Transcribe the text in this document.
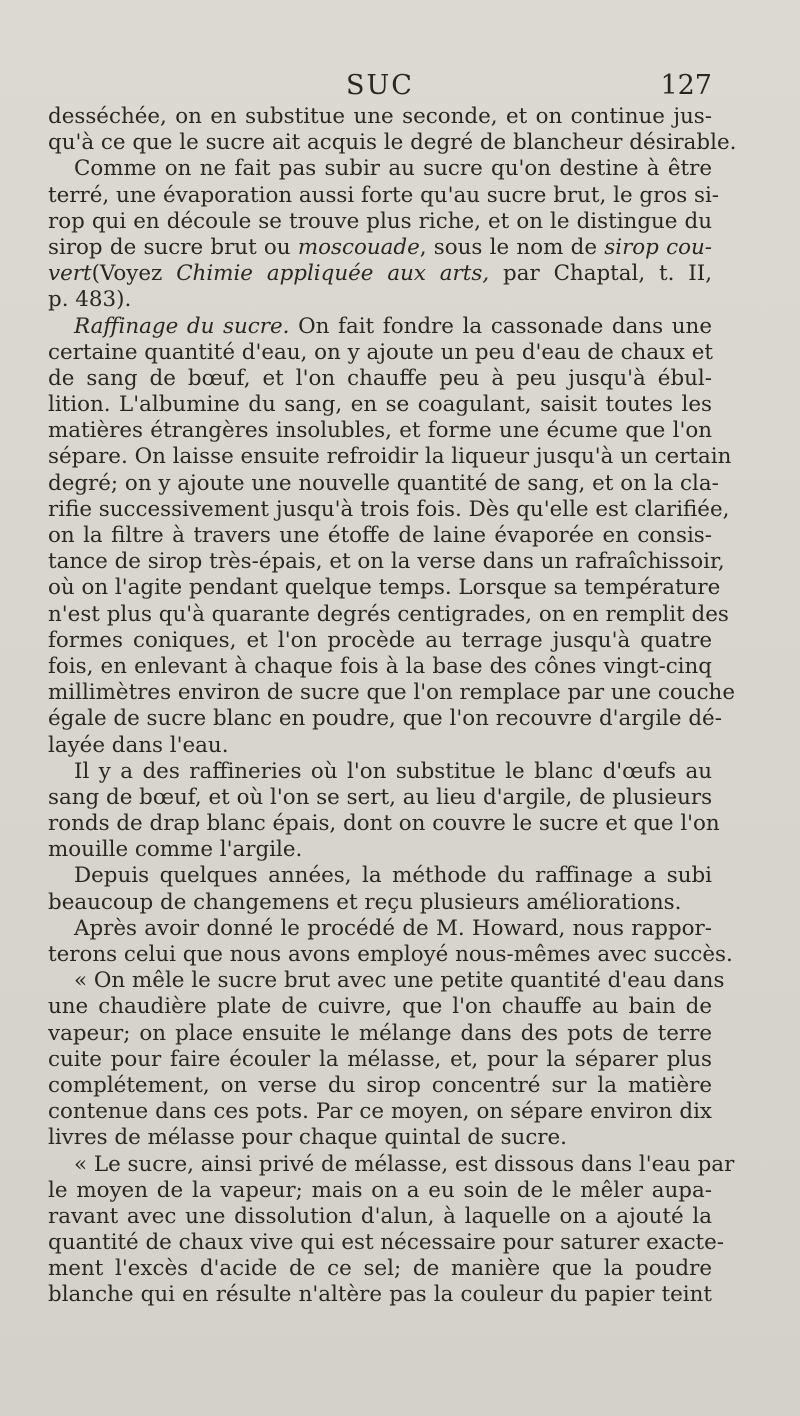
SUC	127
desséchée, on en substitue une seconde, et on continue jus-
qu'à ce que le sucre ait acquis le degré de blancheur désirable.
Comme on ne fait pas subir au sucre qu'on destine à être
terré, une évaporation aussi forte qu'au sucre brut, le gros si-
rop qui en découle se trouve plus riche, et on le distingue du
sirop de sucre brut ou moscouade, sous le nom de sirop cou-
vert(Voyez Chimie appliquée aux arts, par Chaptal, t. II,
p. 483).
Raffinage du sucre. On fait fondre la cassonade dans une
certaine quantité d'eau, on y ajoute un peu d'eau de chaux et
de sang de bœuf, et l'on chauffe peu à peu jusqu'à ébul-
lition. L'albumine du sang, en se coagulant, saisit toutes les
matières étrangères insolubles, et forme une écume que l'on
sépare. On laisse ensuite refroidir la liqueur jusqu'à un certain
degré; on y ajoute une nouvelle quantité de sang, et on la cla-
rifie successivement jusqu'à trois fois. Dès qu'elle est clarifiée,
on la filtre à travers une étoffe de laine évaporée en consis-
tance de sirop très-épais, et on la verse dans un rafraîchissoir,
où on l'agite pendant quelque temps. Lorsque sa température
n'est plus qu'à quarante degrés centigrades, on en remplit des
formes coniques, et l'on procède au terrage jusqu'à quatre
fois, en enlevant à chaque fois à la base des cônes vingt-cinq
millimètres environ de sucre que l'on remplace par une couche
égale de sucre blanc en poudre, que l'on recouvre d'argile dé-
layée dans l'eau.
Il y a des raffineries où l'on substitue le blanc d'œufs au
sang de bœuf, et où l'on se sert, au lieu d'argile, de plusieurs
ronds de drap blanc épais, dont on couvre le sucre et que l'on
mouille comme l'argile.
Depuis quelques années, la méthode du raffinage a subi
beaucoup de changemens et reçu plusieurs améliorations.
Après avoir donné le procédé de M. Howard, nous rappor-
terons celui que nous avons employé nous-mêmes avec succès.
« On mêle le sucre brut avec une petite quantité d'eau dans
une chaudière plate de cuivre, que l'on chauffe au bain de
vapeur; on place ensuite le mélange dans des pots de terre
cuite pour faire écouler la mélasse, et, pour la séparer plus
complétement, on verse du sirop concentré sur la matière
contenue dans ces pots. Par ce moyen, on sépare environ dix
livres de mélasse pour chaque quintal de sucre.
« Le sucre, ainsi privé de mélasse, est dissous dans l'eau par
le moyen de la vapeur; mais on a eu soin de le mêler aupa-
ravant avec une dissolution d'alun, à laquelle on a ajouté la
quantité de chaux vive qui est nécessaire pour saturer exacte-
ment l'excès d'acide de ce sel; de manière que la poudre
blanche qui en résulte n'altère pas la couleur du papier teint
